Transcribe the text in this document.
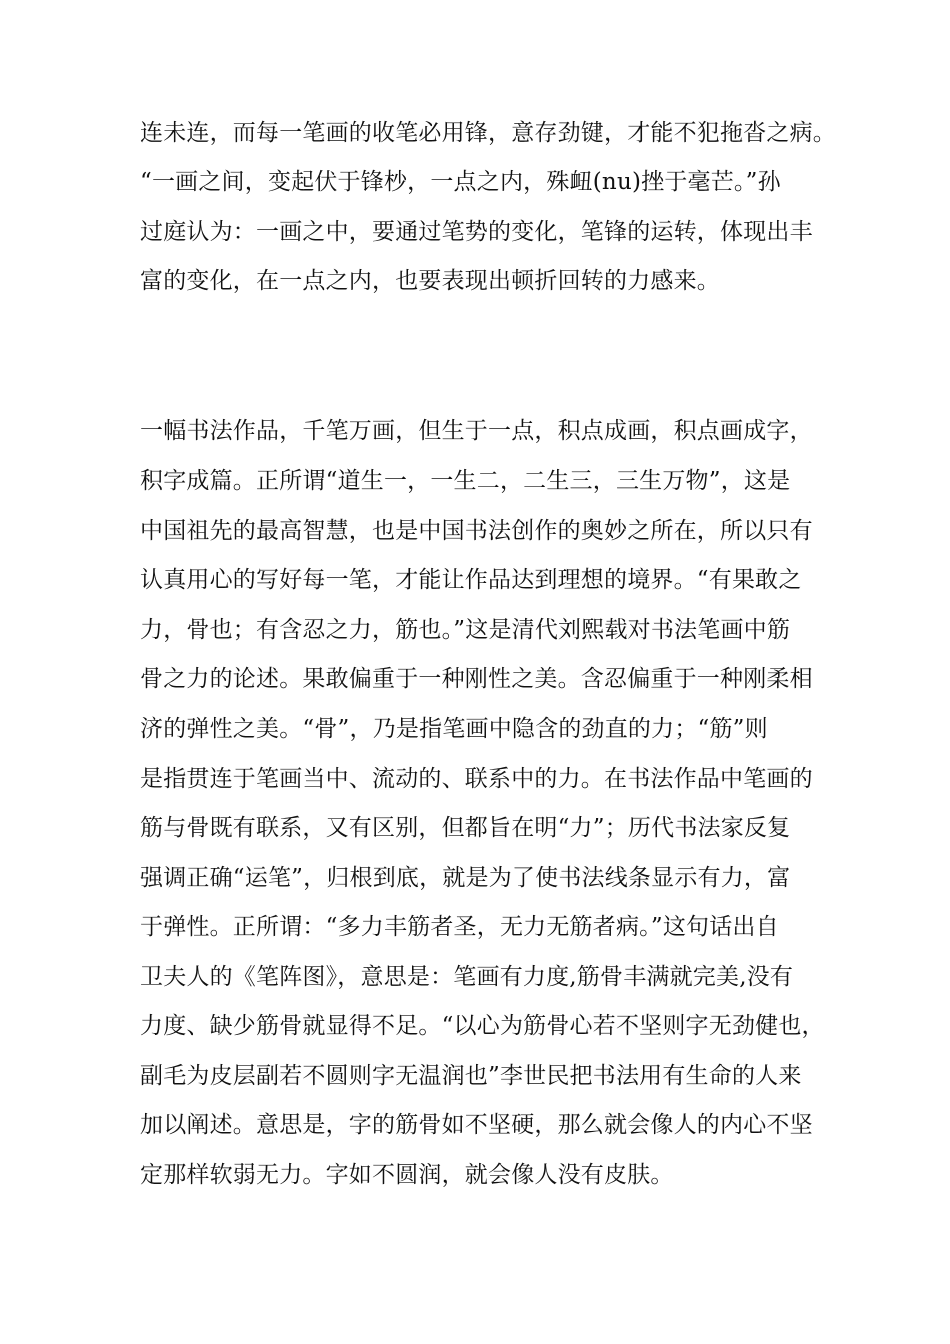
连未连，而每一笔画的收笔必用锋，意存劲键，才能不犯拖沓之病。
“一画之间，变起伏于锋杪，一点之内，殊衄(nu)挫于毫芒。”孙
过庭认为：一画之中，要通过笔势的变化，笔锋的运转，体现出丰
富的变化，在一点之内，也要表现出顿折回转的力感来。
一幅书法作品，千笔万画，但生于一点，积点成画，积点画成字，
积字成篇。正所谓“道生一，一生二，二生三，三生万物”，这是
中国祖先的最高智慧，也是中国书法创作的奥妙之所在，所以只有
认真用心的写好每一笔，才能让作品达到理想的境界。“有果敢之
力，骨也；有含忍之力，筋也。”这是清代刘熙载对书法笔画中筋
骨之力的论述。果敢偏重于一种刚性之美。含忍偏重于一种刚柔相
济的弹性之美。“骨”，乃是指笔画中隐含的劲直的力；“筋”则
是指贯连于笔画当中、流动的、联系中的力。在书法作品中笔画的
筋与骨既有联系，又有区别，但都旨在明“力”；历代书法家反复
强调正确“运笔”，归根到底，就是为了使书法线条显示有力，富
于弹性。正所谓：“多力丰筋者圣，无力无筋者病。”这句话出自
卫夫人的《笔阵图》，意思是：笔画有力度,筋骨丰满就完美,没有
力度、缺少筋骨就显得不足。“以心为筋骨心若不坚则字无劲健也，
副毛为皮层副若不圆则字无温润也”李世民把书法用有生命的人来
加以阐述。意思是，字的筋骨如不坚硬，那么就会像人的内心不坚
定那样软弱无力。字如不圆润，就会像人没有皮肤。
